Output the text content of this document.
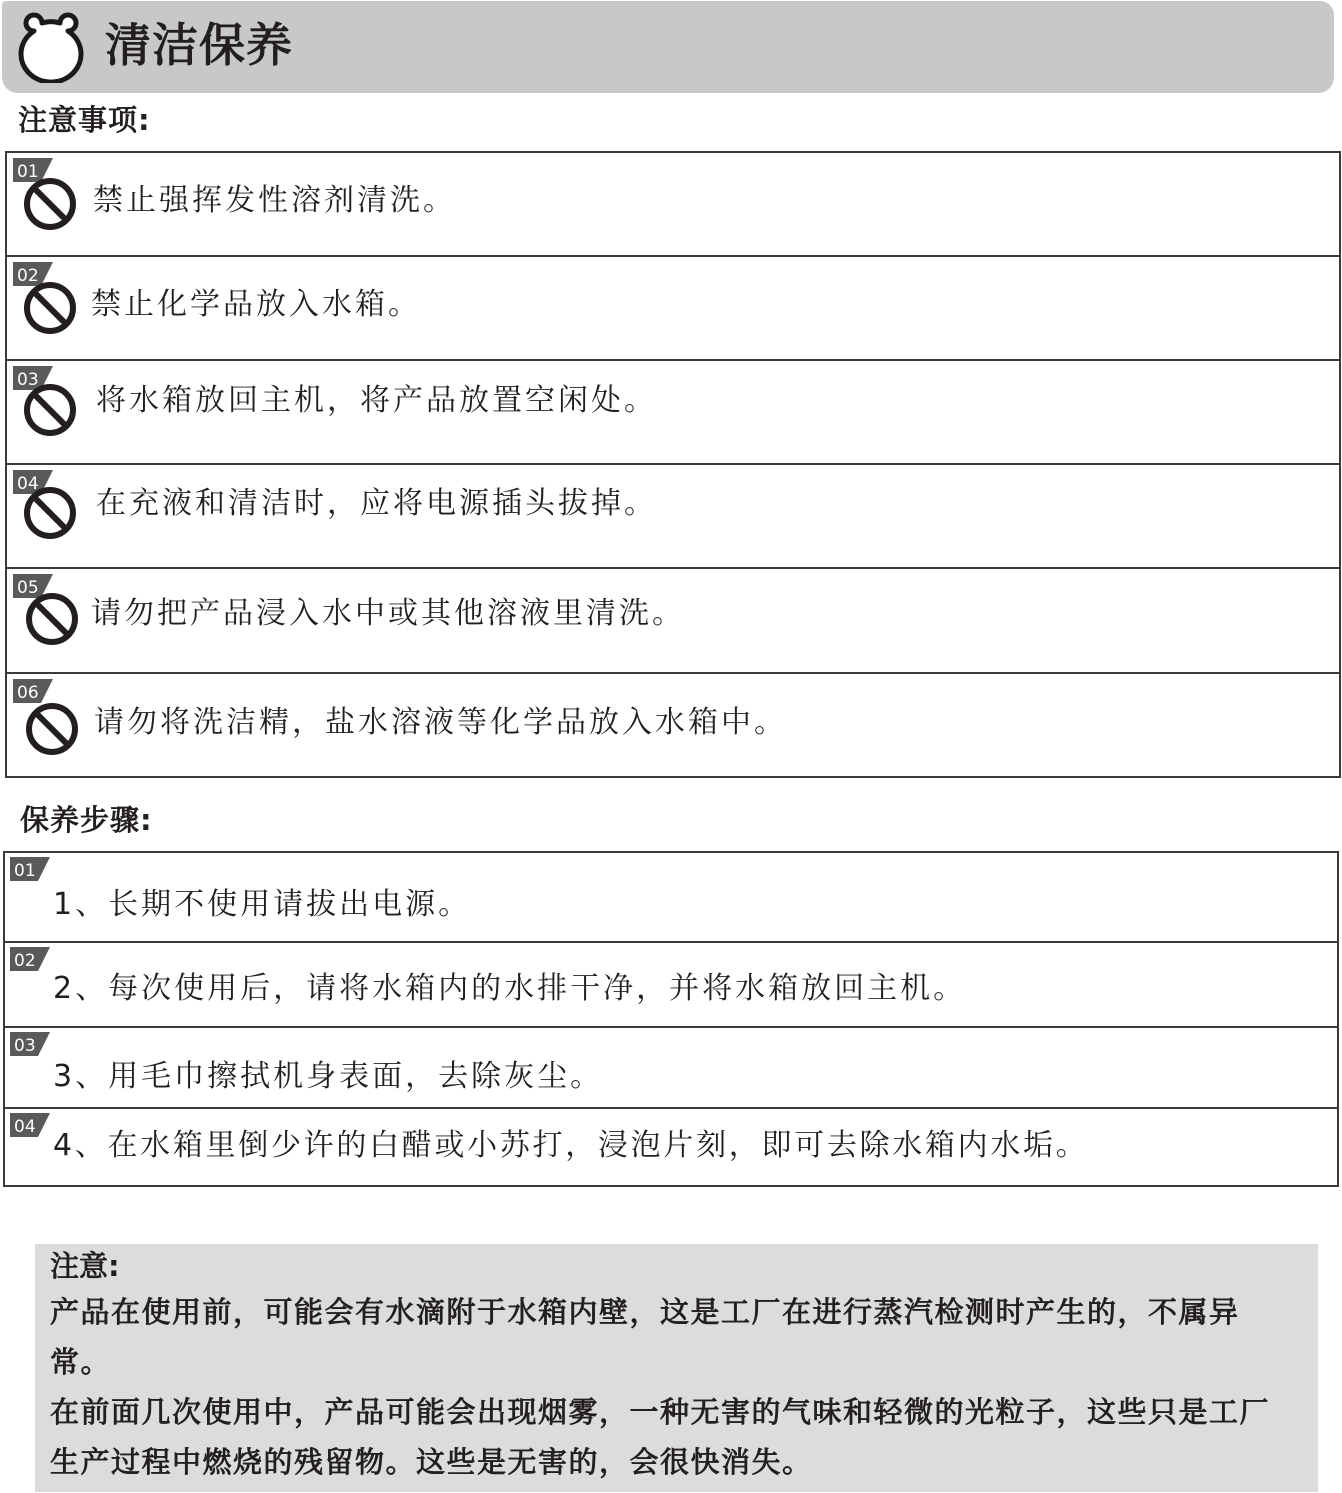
清洁保养
注意事项:
01
禁止强挥发性溶剂清洗。
02
禁止化学品放入水箱。
03
将水箱放回主机，将产品放置空闲处。
04
在充液和清洁时，应将电源插头拔掉。
05
请勿把产品浸入水中或其他溶液里清洗。
06
请勿将洗洁精，盐水溶液等化学品放入水箱中。
保养步骤:
01
1、长期不使用请拔出电源。
02
2、每次使用后，请将水箱内的水排干净，并将水箱放回主机。
03
3、用毛巾擦拭机身表面，去除灰尘。
04
4、在水箱里倒少许的白醋或小苏打，浸泡片刻，即可去除水箱内水垢。
注意:
产品在使用前，可能会有水滴附于水箱内壁，这是工厂在进行蒸汽检测时产生的，不属异常。
在前面几次使用中，产品可能会出现烟雾，一种无害的气味和轻微的光粒子，这些只是工厂生产过程中燃烧的残留物。这些是无害的，会很快消失。
